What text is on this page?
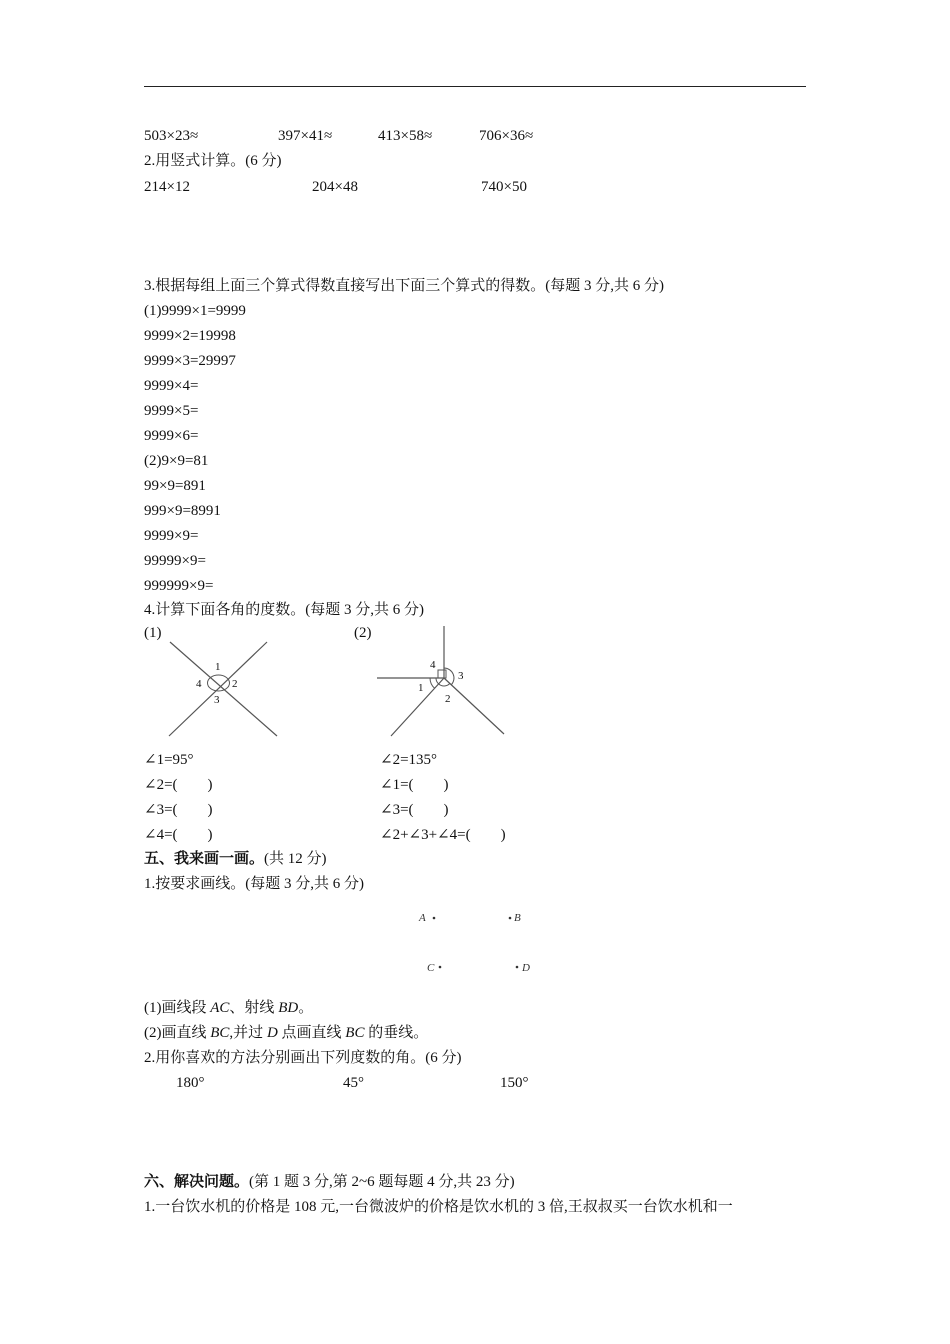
503×23≈	397×41≈	413×58≈	706×36≈
2.用竖式计算。(6 分)
214×12	204×48	740×50
3.根据每组上面三个算式得数直接写出下面三个算式的得数。(每题 3 分,共 6 分)
(1)9999×1=9999
9999×2=19998
9999×3=29997
9999×4=
9999×5=
9999×6=
(2)9×9=81
99×9=891
999×9=8991
9999×9=
99999×9=
999999×9=
4.计算下面各角的度数。(每题 3 分,共 6 分)
(1)	(2)
1
2
3
4
4
3
1
2
∠1=95°
∠2=(　　)
∠3=(　　)
∠4=(　　)
∠2=135°
∠1=(　　)
∠3=(　　)
∠2+∠3+∠4=(　　)
五、我来画一画。(共 12 分)
1.按要求画线。(每题 3 分,共 6 分)
A	B
C	D
(1)画线段 AC、射线 BD。
(2)画直线 BC,并过 D 点画直线 BC 的垂线。
2.用你喜欢的方法分别画出下列度数的角。(6 分)
180°	45°	150°
六、解决问题。(第 1 题 3 分,第 2~6 题每题 4 分,共 23 分)
1.一台饮水机的价格是 108 元,一台微波炉的价格是饮水机的 3 倍,王叔叔买一台饮水机和一
